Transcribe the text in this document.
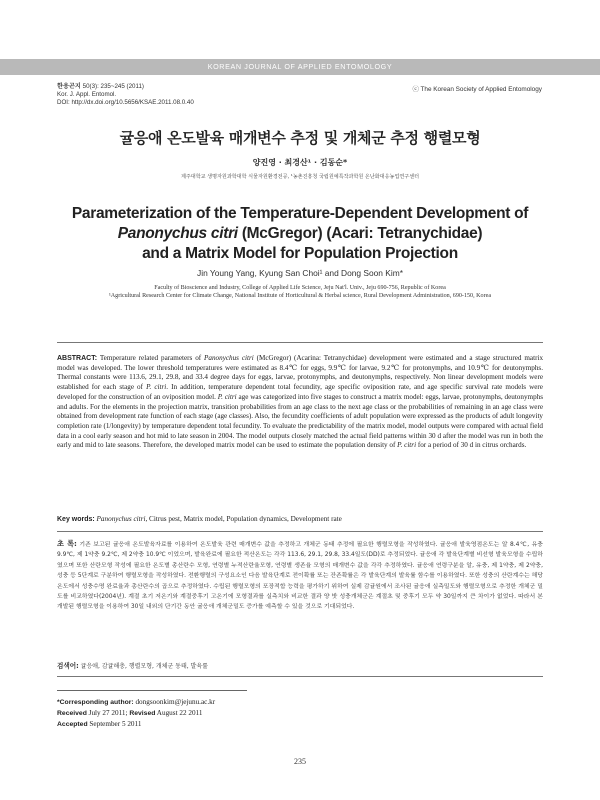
KOREAN JOURNAL OF APPLIED ENTOMOLOGY
한응곤지 50(3): 235~245 (2011)
Kor. J. Appl. Entomol.
DOI: http://dx.doi.org/10.5656/KSAE.2011.08.0.40
ⓒ The Korean Society of Applied Entomology
귤응애 온도발육 매개변수 추정 및 개체군 추정 행렬모형
양진영 · 최경산¹ · 김동순*
제주대학교 생명자원과학대학 식물자원환경전공, ¹농촌진흥청 국립원예특작과학원 온난화대응농업연구센터
Parameterization of the Temperature-Dependent Development of
Panonychus citri (McGregor) (Acari: Tetranychidae)
and a Matrix Model for Population Projection
Jin Young Yang, Kyung San Choi¹ and Dong Soon Kim*
Faculty of Bioscience and Industry, College of Applied Life Science, Jeju Nat'l. Univ., Jeju 690-756, Republic of Korea
¹Agricultural Research Center for Climate Change, National Institute of Horticultural & Herbal science, Rural Development Administration, 690-150, Korea

ABSTRACT: Temperature related parameters of Panonychus citri (McGregor) (Acarina: Tetranychidae) development were estimated and a stage structured matrix model was developed. The lower threshold temperatures were estimated as 8.4℃ for eggs, 9.9℃ for larvae, 9.2℃ for protonymphs, and 10.9℃ for deutonymphs. Thermal constants were 113.6, 29.1, 29.8, and 33.4 degree days for eggs, larvae, protonymphs, and deutonymphs, respectively. Non linear development models were established for each stage of P. citri. In addition, temperature dependent total fecundity, age specific oviposition rate, and age specific survival rate models were developed for the construction of an oviposition model. P. citri age was categorized into five stages to construct a matrix model: eggs, larvae, protonymphs, deutonymphs and adults. For the elements in the projection matrix, transition probabilities from an age class to the next age class or the probabilities of remaining in an age class were obtained from development rate function of each stage (age classes). Also, the fecundity coefficients of adult population were expressed as the products of adult longevity completion rate (1/longevity) by temperature dependent total fecundity. To evaluate the predictability of the matrix model, model outputs were compared with actual field data in a cool early season and hot mid to late season in 2004. The model outputs closely matched the actual field patterns within 30 d after the model was run in both the early and mid to late seasons. Therefore, the developed matrix model can be used to estimate the population density of P. citri for a period of 30 d in citrus orchards.

Key words: Panonychus citri, Citrus pest, Matrix model, Population dynamics, Development rate

초 록: 기존 보고된 귤응애 온도발육자료를 이용하여 온도발육 관련 매개변수 값을 추정하고 개체군 동태 추정에 필요한 행렬모형을 작성하였다. 귤응애 발육영점온도는 알 8.4℃, 유충 9.9℃, 제 1약충 9.2℃, 제 2약충 10.9℃ 이었으며, 발육완료에 필요한 적산온도는 각각 113.6, 29.1, 29.8, 33.4일도(DD)로 추정되었다. 귤응애 각 발육단계별 비선형 발육모형을 수립하였으며 또한 산란모형 작성에 필요한 온도별 총산란수 모형, 연령별 누적산란율모형, 연령별 생존율 모형의 매개변수 값을 각각 추정하였다. 귤응애 연령구분을 알, 유충, 제 1약충, 제 2약충, 성충 등 5단계로 구분하여 행렬모형을 작성하였다. 전환행렬의 구성요소인 다음 발육단계로 전이확률 또는 잔존확률은 각 발육단계의 발육률 함수를 이용하였다. 또한 성충의 산란계수는 해당온도에서 성충수명 완료율과 총산란수의 곱으로 추정하였다. 수립된 행렬모형의 포장적합 능력을 평가하기 위하여 실제 감귤원에서 조사된 귤응애 실측밀도와 행렬모형으로 추정한 개체군 밀도를 비교하였다(2004년). 계절 초기 저온기와 계절중후기 고온기에 모형결과를 실측치와 비교한 결과 양 밧 성충개체군은 계절초 및 중후기 모두 약 30일까지 큰 차이가 없었다. 따라서 본 개발된 행렬모형을 이용하여 30일 내외의 단기간 동안 귤응애 개체군밀도 증가를 예측할 수 있을 것으로 기대되었다.

검색어: 귤응애, 감귤해충, 행렬모형, 개체군 동태, 발육률

*Corresponding author: dongsoonkim@jejunu.ac.kr
Received July 27 2011; Revised August 22 2011
Accepted September 5 2011
235
